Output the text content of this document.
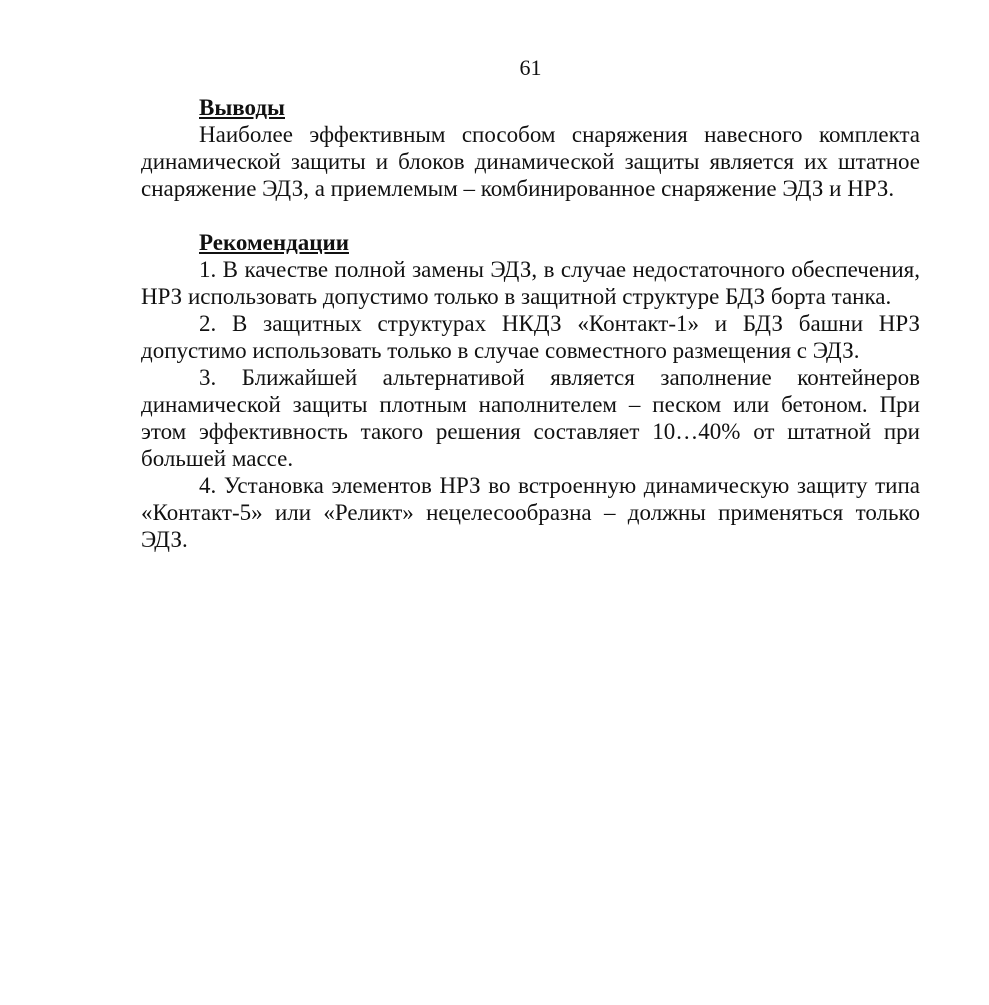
61
Выводы

Наиболее эффективным способом снаряжения навесного комплекта динамической защиты и блоков динамической защиты является их штатное снаряжение ЭДЗ, а приемлемым – комбинированное снаряжение ЭДЗ и НРЗ.

Рекомендации

1. В качестве полной замены ЭДЗ, в случае недостаточного обеспечения, НРЗ использовать допустимо только в защитной структуре БДЗ борта танка.

2. В защитных структурах НКДЗ «Контакт-1» и БДЗ башни НРЗ допустимо использовать только в случае совместного размещения с ЭДЗ.

3. Ближайшей альтернативой является заполнение контейнеров динамической защиты плотным наполнителем – песком или бетоном. При этом эффективность такого решения составляет 10…40% от штатной при большей массе.

4. Установка элементов НРЗ во встроенную динамическую защиту типа «Контакт-5» или «Реликт» нецелесообразна – должны применяться только ЭДЗ.
